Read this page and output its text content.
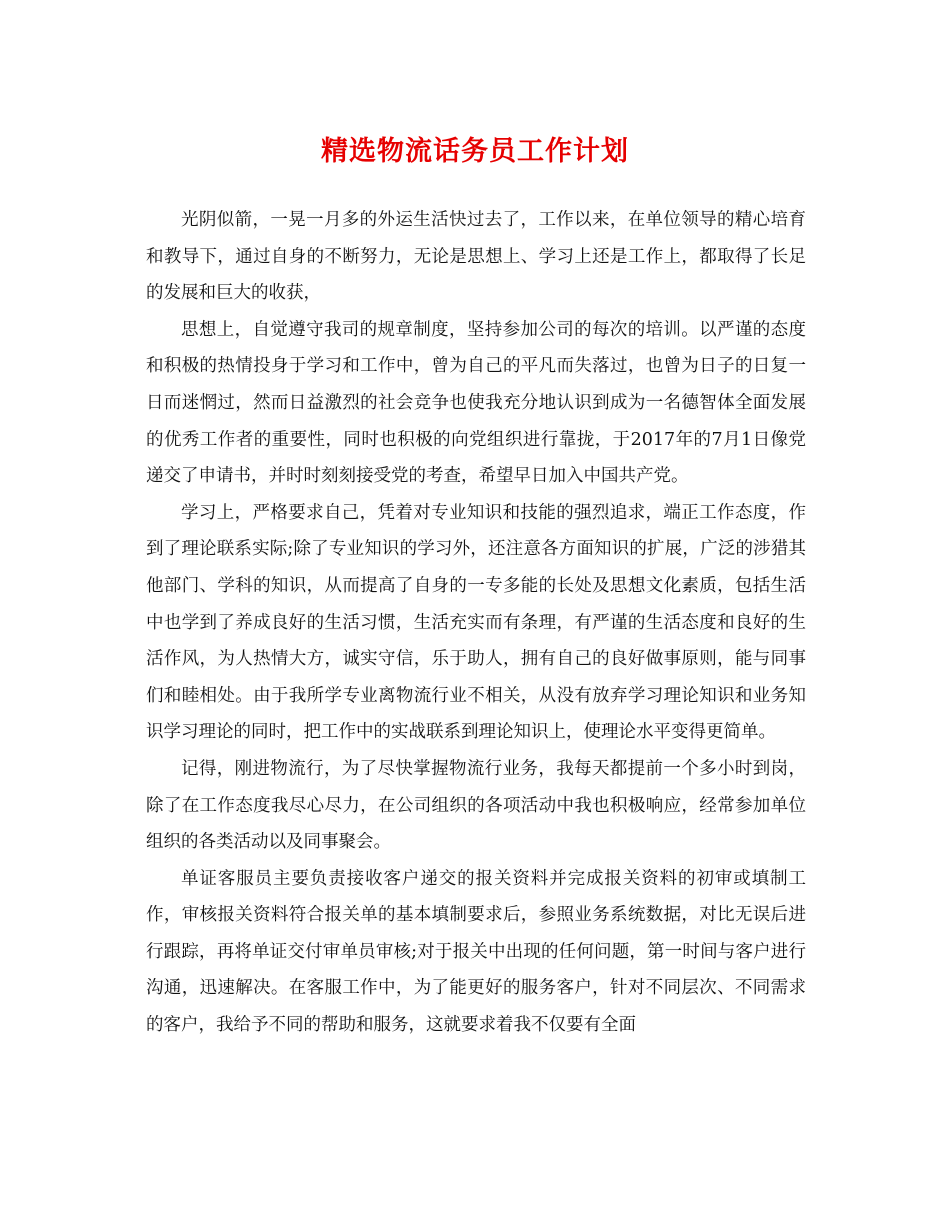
精选物流话务员工作计划

光阴似箭，一晃一月多的外运生活快过去了，工作以来，在单位领导的精心培育和教导下，通过自身的不断努力，无论是思想上、学习上还是工作上，都取得了长足的发展和巨大的收获，

思想上，自觉遵守我司的规章制度，坚持参加公司的每次的培训。以严谨的态度和积极的热情投身于学习和工作中，曾为自己的平凡而失落过，也曾为日子的日复一日而迷惘过，然而日益激烈的社会竞争也使我充分地认识到成为一名德智体全面发展的优秀工作者的重要性，同时也积极的向党组织进行靠拢，于2017年的7月1日像党递交了申请书，并时时刻刻接受党的考查，希望早日加入中国共产党。

学习上，严格要求自己，凭着对专业知识和技能的强烈追求，端正工作态度，作到了理论联系实际;除了专业知识的学习外，还注意各方面知识的扩展，广泛的涉猎其他部门、学科的知识，从而提高了自身的一专多能的长处及思想文化素质，包括生活中也学到了养成良好的生活习惯，生活充实而有条理，有严谨的生活态度和良好的生活作风，为人热情大方，诚实守信，乐于助人，拥有自己的良好做事原则，能与同事们和睦相处。由于我所学专业离物流行业不相关，从没有放弃学习理论知识和业务知识学习理论的同时，把工作中的实战联系到理论知识上，使理论水平变得更简单。

记得，刚进物流行，为了尽快掌握物流行业务，我每天都提前一个多小时到岗，除了在工作态度我尽心尽力，在公司组织的各项活动中我也积极响应，经常参加单位组织的各类活动以及同事聚会。

单证客服员主要负责接收客户递交的报关资料并完成报关资料的初审或填制工作，审核报关资料符合报关单的基本填制要求后，参照业务系统数据，对比无误后进行跟踪，再将单证交付审单员审核;对于报关中出现的任何问题，第一时间与客户进行沟通，迅速解决。在客服工作中，为了能更好的服务客户，针对不同层次、不同需求的客户，我给予不同的帮助和服务，这就要求着我不仅要有全面
